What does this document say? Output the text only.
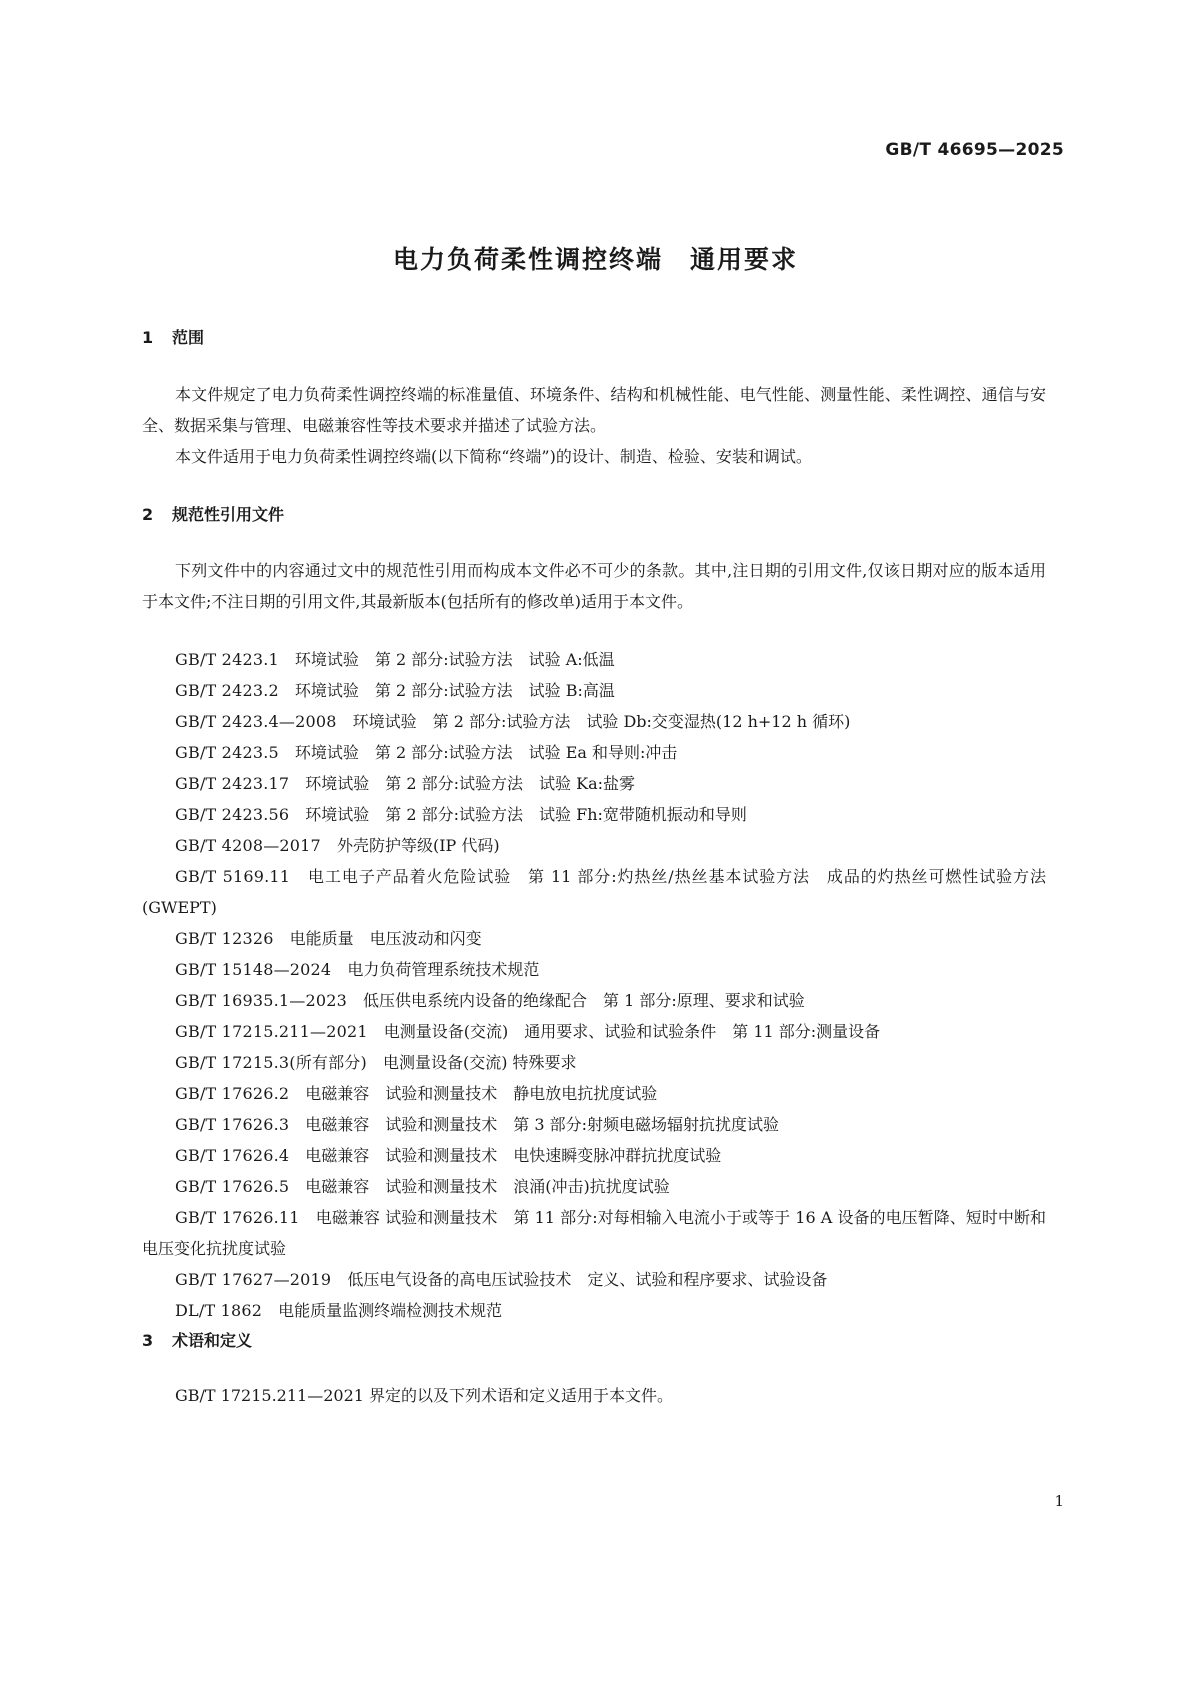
GB/T 46695—2025
电力负荷柔性调控终端　通用要求
1 范围

本文件规定了电力负荷柔性调控终端的标准量值、环境条件、结构和机械性能、电气性能、测量性能、柔性调控、通信与安全、数据采集与管理、电磁兼容性等技术要求并描述了试验方法。

本文件适用于电力负荷柔性调控终端(以下简称“终端”)的设计、制造、检验、安装和调试。

2 规范性引用文件

下列文件中的内容通过文中的规范性引用而构成本文件必不可少的条款。其中,注日期的引用文件,仅该日期对应的版本适用于本文件;不注日期的引用文件,其最新版本(包括所有的修改单)适用于本文件。

GB/T 2423.1　 环境试验　第 2 部分:试验方法　试验 A:低温

GB/T 2423.2　 环境试验　第 2 部分:试验方法　试验 B:高温

GB/T 2423.4—2008　 环境试验　第 2 部分:试验方法　试验 Db:交变湿热(12 h+12 h 循环)

GB/T 2423.5　 环境试验　第 2 部分:试验方法　试验 Ea 和导则:冲击

GB/T 2423.17　 环境试验　第 2 部分:试验方法　试验 Ka:盐雾

GB/T 2423.56　 环境试验　第 2 部分:试验方法　试验 Fh:宽带随机振动和导则

GB/T 4208—2017　 外壳防护等级(IP 代码)

GB/T 5169.11　 电工电子产品着火危险试验　第 11 部分:灼热丝/热丝基本试验方法　成品的灼热丝可燃性试验方法(GWEPT)

GB/T 12326　 电能质量　电压波动和闪变

GB/T 15148—2024　 电力负荷管理系统技术规范

GB/T 16935.1—2023　 低压供电系统内设备的绝缘配合　第 1 部分:原理、要求和试验

GB/T 17215.211—2021　 电测量设备(交流)　通用要求、试验和试验条件　第 11 部分:测量设备

GB/T 17215.3(所有部分)　 电测量设备(交流) 特殊要求

GB/T 17626.2　 电磁兼容　试验和测量技术　静电放电抗扰度试验

GB/T 17626.3　 电磁兼容　试验和测量技术　第 3 部分:射频电磁场辐射抗扰度试验

GB/T 17626.4　 电磁兼容　试验和测量技术　电快速瞬变脉冲群抗扰度试验

GB/T 17626.5　 电磁兼容　试验和测量技术　浪涌(冲击)抗扰度试验

GB/T 17626.11　 电磁兼容 试验和测量技术　第 11 部分:对每相输入电流小于或等于 16 A 设备的电压暂降、短时中断和电压变化抗扰度试验

GB/T 17627—2019　 低压电气设备的高电压试验技术　定义、试验和程序要求、试验设备

DL/T 1862　 电能质量监测终端检测技术规范

3 术语和定义

GB/T 17215.211—2021 界定的以及下列术语和定义适用于本文件。

1
